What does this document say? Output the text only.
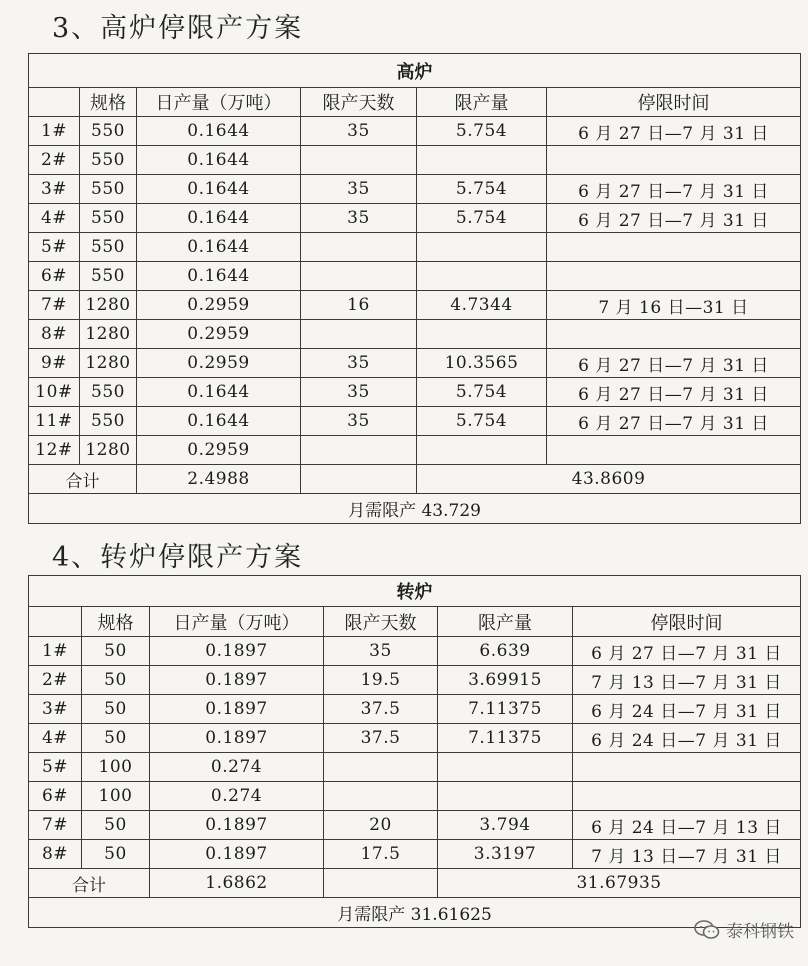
3、高炉停限产方案
高炉					
	规格	日产量（万吨）	限产天数	限产量	停限时间
1#	550	0.1644	35	5.754	6 月 27 日—7 月 31 日
2#	550	0.1644			
3#	550	0.1644	35	5.754	6 月 27 日—7 月 31 日
4#	550	0.1644	35	5.754	6 月 27 日—7 月 31 日
5#	550	0.1644			
6#	550	0.1644			
7#	1280	0.2959	16	4.7344	7 月 16 日—31 日
8#	1280	0.2959			
9#	1280	0.2959	35	10.3565	6 月 27 日—7 月 31 日
10#	550	0.1644	35	5.754	6 月 27 日—7 月 31 日
11#	550	0.1644	35	5.754	6 月 27 日—7 月 31 日
12#	1280	0.2959			
合计		2.4988		43.8609	
月需限产 43.729					
4、转炉停限产方案
转炉					
	规格	日产量（万吨）	限产天数	限产量	停限时间
1#	50	0.1897	35	6.639	6 月 27 日—7 月 31 日
2#	50	0.1897	19.5	3.69915	7 月 13 日—7 月 31 日
3#	50	0.1897	37.5	7.11375	6 月 24 日—7 月 31 日
4#	50	0.1897	37.5	7.11375	6 月 24 日—7 月 31 日
5#	100	0.274			
6#	100	0.274			
7#	50	0.1897	20	3.794	6 月 24 日—7 月 13 日
8#	50	0.1897	17.5	3.3197	7 月 13 日—7 月 31 日
合计		1.6862		31.67935	
月需限产 31.61625					
泰科钢铁
